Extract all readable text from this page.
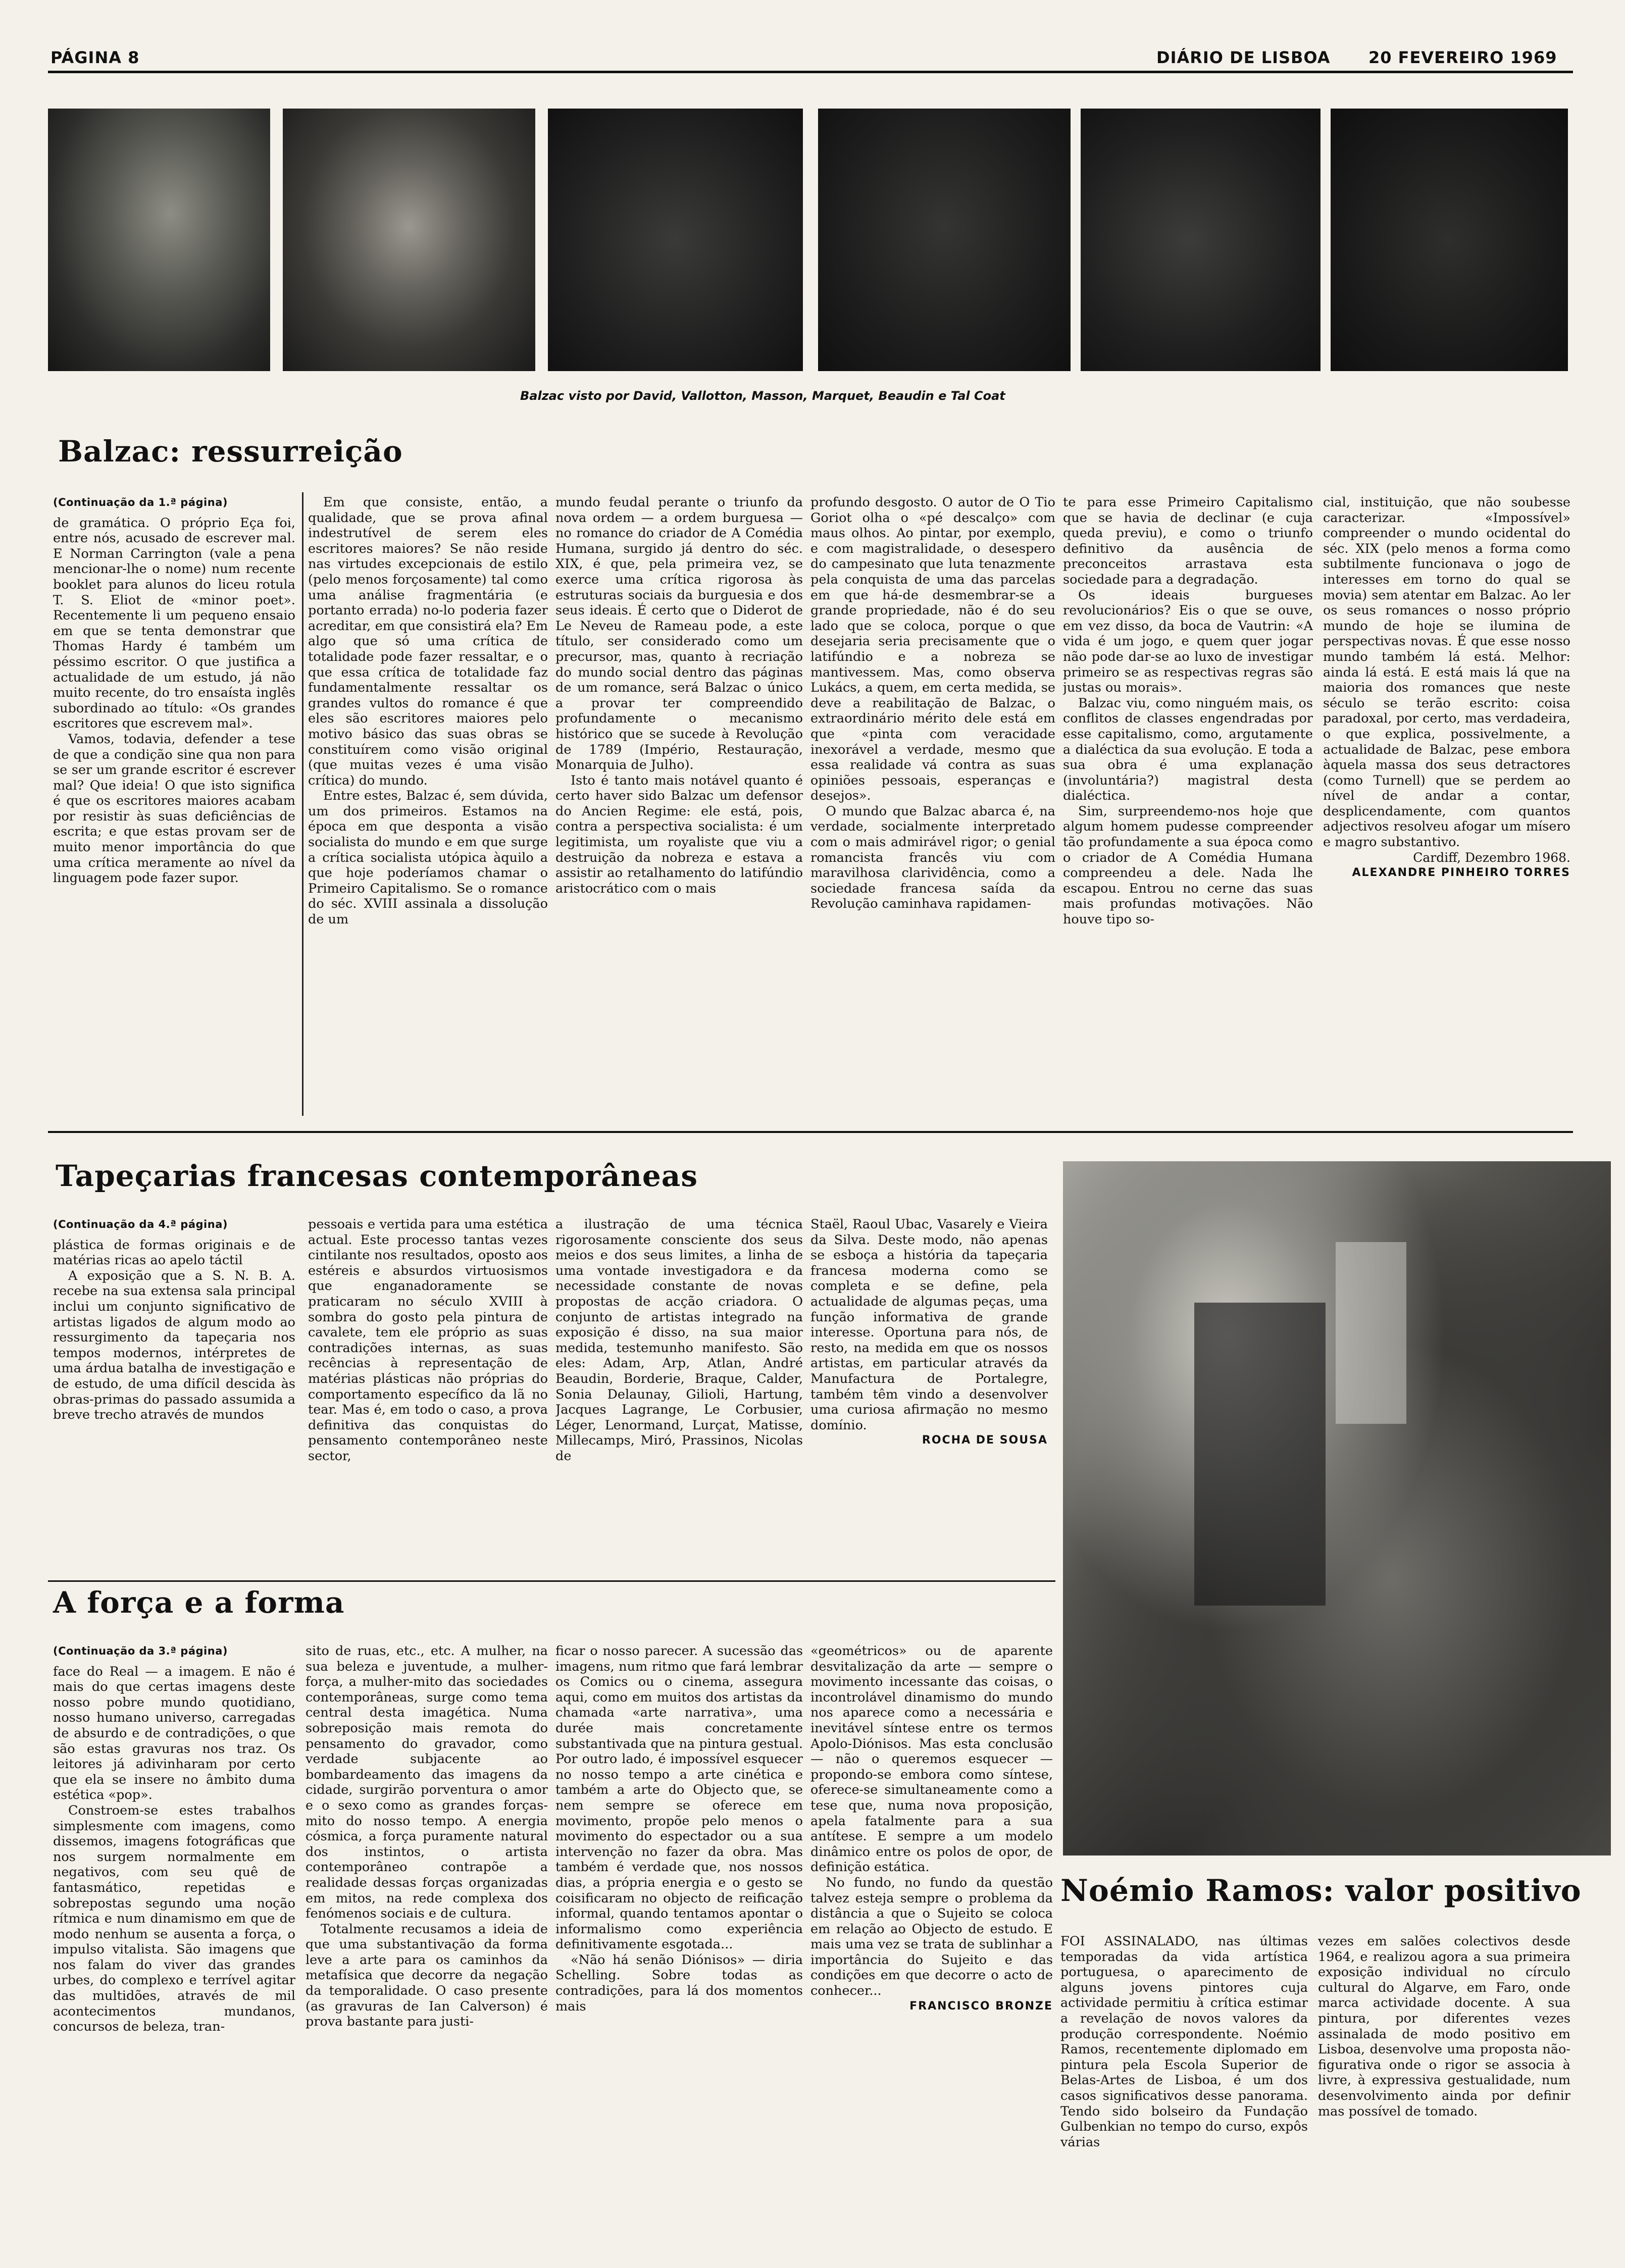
PÁGINA 8	DIÁRIO DE LISBOA 20 FEVEREIRO 1969
Balzac visto por David, Vallotton, Masson, Marquet, Beaudin e Tal Coat
Balzac: ressurreição
(Continuação da 1.ª página)

de gramática. O próprio Eça foi, entre nós, acusado de escrever mal. E Norman Carrington (vale a pena mencionar-lhe o nome) num recente booklet para alunos do liceu rotula T. S. Eliot de «minor poet». Recentemente li um pequeno ensaio em que se tenta demonstrar que Thomas Hardy é também um péssimo escritor. O que justifica a actualidade de um estudo, já não muito recente, do tro ensaísta inglês subordinado ao título: «Os grandes escritores que escrevem mal».

Vamos, todavia, defender a tese de que a condição sine qua non para se ser um grande escritor é escrever mal? Que ideia! O que isto significa é que os escritores maiores acabam por resistir às suas deficiências de escrita; e que estas provam ser de muito menor importância do que uma crítica meramente ao nível da linguagem pode fazer supor.

Em que consiste, então, a qualidade, que se prova afinal indestrutível de serem eles escritores maiores? Se não reside nas virtudes excepcionais de estilo (pelo menos forçosamente) tal como uma análise fragmentária (e portanto errada) no-lo poderia fazer acreditar, em que consistirá ela? Em algo que só uma crítica de totalidade pode fazer ressaltar, e o que essa crítica de totalidade faz fundamentalmente ressaltar os grandes vultos do romance é que eles são escritores maiores pelo motivo básico das suas obras se constituírem como visão original (que muitas vezes é uma visão crítica) do mundo.

Entre estes, Balzac é, sem dúvida, um dos primeiros. Estamos na época em que desponta a visão socialista do mundo e em que surge a crítica socialista utópica àquilo a que hoje poderíamos chamar o Primeiro Capitalismo. Se o romance do séc. XVIII assinala a dissolução de um

mundo feudal perante o triunfo da nova ordem — a ordem burguesa — no romance do criador de A Comédia Humana, surgido já dentro do séc. XIX, é que, pela primeira vez, se exerce uma crítica rigorosa às estruturas sociais da burguesia e dos seus ideais. É certo que o Diderot de Le Neveu de Rameau pode, a este título, ser considerado como um precursor, mas, quanto à recriação do mundo social dentro das páginas de um romance, será Balzac o único a provar ter compreendido profundamente o mecanismo histórico que se sucede à Revolução de 1789 (Império, Restauração, Monarquia de Julho).

Isto é tanto mais notável quanto é certo haver sido Balzac um defensor do Ancien Regime: ele está, pois, contra a perspectiva socialista: é um legitimista, um royaliste que viu a destruição da nobreza e estava a assistir ao retalhamento do latifúndio aristocrático com o mais

profundo desgosto. O autor de O Tio Goriot olha o «pé descalço» com maus olhos. Ao pintar, por exemplo, e com magistralidade, o desespero do campesinato que luta tenazmente pela conquista de uma das parcelas em que há-de desmembrar-se a grande propriedade, não é do seu lado que se coloca, porque o que desejaria seria precisamente que o latifúndio e a nobreza se mantivessem. Mas, como observa Lukács, a quem, em certa medida, se deve a reabilitação de Balzac, o extraordinário mérito dele está em que «pinta com veracidade inexorável a verdade, mesmo que essa realidade vá contra as suas opiniões pessoais, esperanças e desejos».

O mundo que Balzac abarca é, na verdade, socialmente interpretado com o mais admirável rigor; o genial romancista francês viu com maravilhosa clarividência, como a sociedade francesa saída da Revolução caminhava rapidamen-

te para esse Primeiro Capitalismo que se havia de declinar (e cuja queda previu), e como o triunfo definitivo da ausência de preconceitos arrastava esta sociedade para a degradação.

Os ideais burgueses revolucionários? Eis o que se ouve, em vez disso, da boca de Vautrin: «A vida é um jogo, e quem quer jogar não pode dar-se ao luxo de investigar primeiro se as respectivas regras são justas ou morais».

Balzac viu, como ninguém mais, os conflitos de classes engendradas por esse capitalismo, como, argutamente a dialéctica da sua evolução. E toda a sua obra é uma explanação (involuntária?) magistral desta dialéctica.

Sim, surpreendemo-nos hoje que algum homem pudesse compreender tão profundamente a sua época como o criador de A Comédia Humana compreendeu a dele. Nada lhe escapou. Entrou no cerne das suas mais profundas motivações. Não houve tipo so-

cial, instituição, que não soubesse caracterizar. «Impossível» compreender o mundo ocidental do séc. XIX (pelo menos a forma como subtilmente funcionava o jogo de interesses em torno do qual se movia) sem atentar em Balzac. Ao ler os seus romances o nosso próprio mundo de hoje se ilumina de perspectivas novas. É que esse nosso mundo também lá está. Melhor: ainda lá está. E está mais lá que na maioria dos romances que neste século se terão escrito: coisa paradoxal, por certo, mas verdadeira, o que explica, possivelmente, a actualidade de Balzac, pese embora àquela massa dos seus detractores (como Turnell) que se perdem ao nível de andar a contar, desplicendamente, com quantos adjectivos resolveu afogar um mísero e magro substantivo.

Cardiff, Dezembro 1968.

ALEXANDRE PINHEIRO TORRES

Tapeçarias francesas contemporâneas
(Continuação da 4.ª página)

plástica de formas originais e de matérias ricas ao apelo táctil

A exposição que a S. N. B. A. recebe na sua extensa sala principal inclui um conjunto significativo de artistas ligados de algum modo ao ressurgimento da tapeçaria nos tempos modernos, intérpretes de uma árdua batalha de investigação e de estudo, de uma difícil descida às obras-primas do passado assumida a breve trecho através de mundos

pessoais e vertida para uma estética actual. Este processo tantas vezes cintilante nos resultados, oposto aos estéreis e absurdos virtuosismos que enganadoramente se praticaram no século XVIII à sombra do gosto pela pintura de cavalete, tem ele próprio as suas contradições internas, as suas recências à representação de matérias plásticas não próprias do comportamento específico da lã no tear. Mas é, em todo o caso, a prova definitiva das conquistas do pensamento contemporâneo neste sector,

a ilustração de uma técnica rigorosamente consciente dos seus meios e dos seus limites, a linha de uma vontade investigadora e da necessidade constante de novas propostas de acção criadora. O conjunto de artistas integrado na exposição é disso, na sua maior medida, testemunho manifesto. São eles: Adam, Arp, Atlan, André Beaudin, Borderie, Braque, Calder, Sonia Delaunay, Gilioli, Hartung, Jacques Lagrange, Le Corbusier, Léger, Lenormand, Lurçat, Matisse, Millecamps, Miró, Prassinos, Nicolas de

Staël, Raoul Ubac, Vasarely e Vieira da Silva. Deste modo, não apenas se esboça a história da tapeçaria francesa moderna como se completa e se define, pela actualidade de algumas peças, uma função informativa de grande interesse. Oportuna para nós, de resto, na medida em que os nossos artistas, em particular através da Manufactura de Portalegre, também têm vindo a desenvolver uma curiosa afirmação no mesmo domínio.

ROCHA DE SOUSA

A força e a forma
(Continuação da 3.ª página)

face do Real — a imagem. E não é mais do que certas imagens deste nosso pobre mundo quotidiano, nosso humano universo, carregadas de absurdo e de contradições, o que são estas gravuras nos traz. Os leitores já adivinharam por certo que ela se insere no âmbito duma estética «pop».

Constroem-se estes trabalhos simplesmente com imagens, como dissemos, imagens fotográficas que nos surgem normalmente em negativos, com seu quê de fantasmático, repetidas e sobrepostas segundo uma noção rítmica e num dinamismo em que de modo nenhum se ausenta a força, o impulso vitalista. São imagens que nos falam do viver das grandes urbes, do complexo e terrível agitar das multidões, através de mil acontecimentos mundanos, concursos de beleza, tran-

sito de ruas, etc., etc. A mulher, na sua beleza e juventude, a mulher-força, a mulher-mito das sociedades contemporâneas, surge como tema central desta imagética. Numa sobreposição mais remota do pensamento do gravador, como verdade subjacente ao bombardeamento das imagens da cidade, surgirão porventura o amor e o sexo como as grandes forças-mito do nosso tempo. A energia cósmica, a força puramente natural dos instintos, o artista contemporâneo contrapõe a realidade dessas forças organizadas em mitos, na rede complexa dos fenómenos sociais e de cultura.

Totalmente recusamos a ideia de que uma substantivação da forma leve a arte para os caminhos da metafísica que decorre da negação da temporalidade. O caso presente (as gravuras de Ian Calverson) é prova bastante para justi-

ficar o nosso parecer. A sucessão das imagens, num ritmo que fará lembrar os Comics ou o cinema, assegura aqui, como em muitos dos artistas da chamada «arte narrativa», uma durée mais concretamente substantivada que na pintura gestual. Por outro lado, é impossível esquecer no nosso tempo a arte cinética e também a arte do Objecto que, se nem sempre se oferece em movimento, propõe pelo menos o movimento do espectador ou a sua intervenção no fazer da obra. Mas também é verdade que, nos nossos dias, a própria energia e o gesto se coisificaram no objecto de reificação informal, quando tentamos apontar o informalismo como experiência definitivamente esgotada...

«Não há senão Diónisos» — diria Schelling. Sobre todas as contradições, para lá dos momentos mais

«geométricos» ou de aparente desvitalização da arte — sempre o movimento incessante das coisas, o incontrolável dinamismo do mundo nos aparece como a necessária e inevitável síntese entre os termos Apolo-Diónisos. Mas esta conclusão — não o queremos esquecer — propondo-se embora como síntese, oferece-se simultaneamente como a tese que, numa nova proposição, apela fatalmente para a sua antítese. E sempre a um modelo dinâmico entre os polos de opor, de definição estática.

No fundo, no fundo da questão talvez esteja sempre o problema da distância a que o Sujeito se coloca em relação ao Objecto de estudo. E mais uma vez se trata de sublinhar a importância do Sujeito e das condições em que decorre o acto de conhecer...

FRANCISCO BRONZE

Noémio Ramos: valor positivo

FOI ASSINALADO, nas últimas temporadas da vida artística portuguesa, o aparecimento de alguns jovens pintores cuja actividade permitiu à crítica estimar a revelação de novos valores da produção correspondente. Noémio Ramos, recentemente diplomado em pintura pela Escola Superior de Belas-Artes de Lisboa, é um dos casos significativos desse panorama. Tendo sido bolseiro da Fundação Gulbenkian no tempo do curso, expôs várias

vezes em salões colectivos desde 1964, e realizou agora a sua primeira exposição individual no círculo cultural do Algarve, em Faro, onde marca actividade docente. A sua pintura, por diferentes vezes assinalada de modo positivo em Lisboa, desenvolve uma proposta não-figurativa onde o rigor se associa à livre, à expressiva gestualidade, num desenvolvimento ainda por definir mas possível de tomado.
